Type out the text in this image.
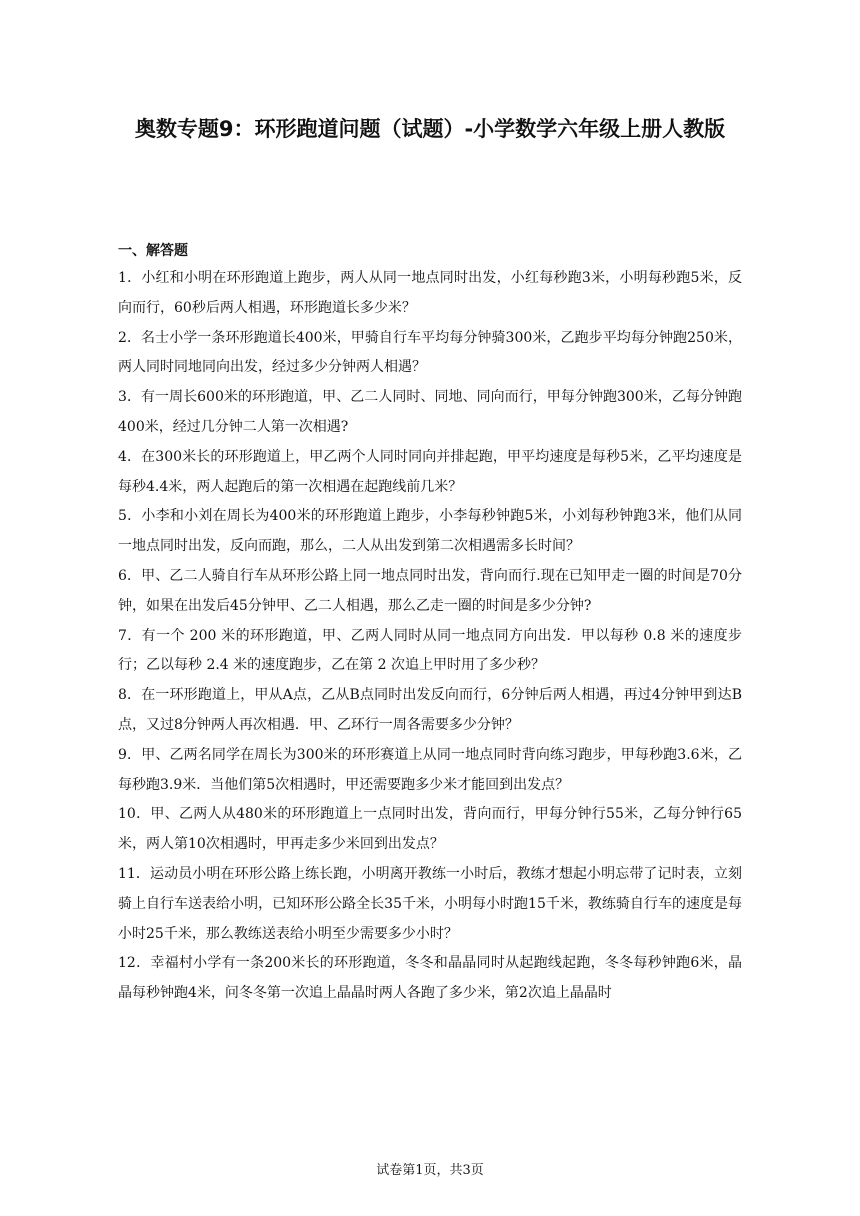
奥数专题9：环形跑道问题（试题）-小学数学六年级上册人教版
一、解答题
1．小红和小明在环形跑道上跑步，两人从同一地点同时出发，小红每秒跑3米，小明每秒跑5米，反向而行，60秒后两人相遇，环形跑道长多少米？
2．名士小学一条环形跑道长400米，甲骑自行车平均每分钟骑300米，乙跑步平均每分钟跑250米，两人同时同地同向出发，经过多少分钟两人相遇？
3．有一周长600米的环形跑道，甲、乙二人同时、同地、同向而行，甲每分钟跑300米，乙每分钟跑400米，经过几分钟二人第一次相遇?
4．在300米长的环形跑道上，甲乙两个人同时同向并排起跑，甲平均速度是每秒5米，乙平均速度是每秒4.4米，两人起跑后的第一次相遇在起跑线前几米？
5．小李和小刘在周长为400米的环形跑道上跑步，小李每秒钟跑5米，小刘每秒钟跑3米，他们从同一地点同时出发，反向而跑，那么，二人从出发到第二次相遇需多长时间？
6．甲、乙二人骑自行车从环形公路上同一地点同时出发，背向而行.现在已知甲走一圈的时间是70分钟，如果在出发后45分钟甲、乙二人相遇，那么乙走一圈的时间是多少分钟?
7．有一个 200 米的环形跑道，甲、乙两人同时从同一地点同方向出发．甲以每秒 0.8 米的速度步行；乙以每秒 2.4 米的速度跑步，乙在第 2 次追上甲时用了多少秒？
8．在一环形跑道上，甲从A点，乙从B点同时出发反向而行，6分钟后两人相遇，再过4分钟甲到达B点，又过8分钟两人再次相遇．甲、乙环行一周各需要多少分钟？
9．甲、乙两名同学在周长为300米的环形赛道上从同一地点同时背向练习跑步，甲每秒跑3.6米，乙每秒跑3.9米．当他们第5次相遇时，甲还需要跑多少米才能回到出发点？
10．甲、乙两人从480米的环形跑道上一点同时出发，背向而行，甲每分钟行55米，乙每分钟行65米，两人第10次相遇时，甲再走多少米回到出发点？
11．运动员小明在环形公路上练长跑，小明离开教练一小时后，教练才想起小明忘带了记时表，立刻骑上自行车送表给小明，已知环形公路全长35千米，小明每小时跑15千米，教练骑自行车的速度是每小时25千米，那么教练送表给小明至少需要多少小时？
12．幸福村小学有一条200米长的环形跑道，冬冬和晶晶同时从起跑线起跑，冬冬每秒钟跑6米，晶晶每秒钟跑4米，问冬冬第一次追上晶晶时两人各跑了多少米，第2次追上晶晶时
试卷第1页，共3页
